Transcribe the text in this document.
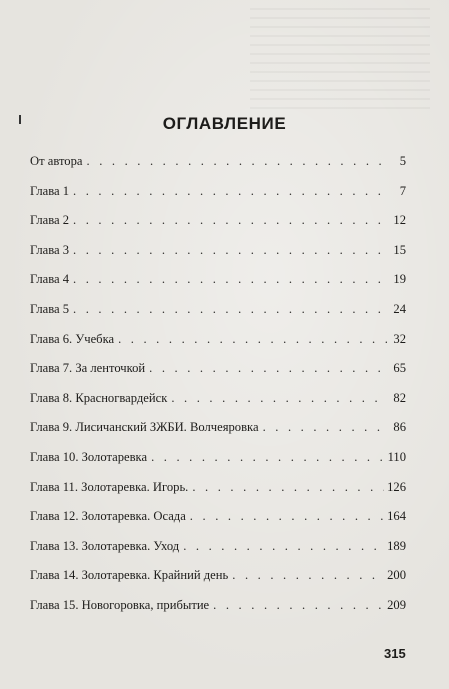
ОГЛАВЛЕНИЕ
От автора . . .	5
Глава 1 . . .	7
Глава 2 . . .	12
Глава 3 . . .	15
Глава 4 . . .	19
Глава 5 . . .	24
Глава 6. Учебка . . .	32
Глава 7. За ленточкой . . .	65
Глава 8. Красногвардейск . . .	82
Глава 9. Лисичанский ЗЖБИ. Волчеяровка . . .	86
Глава 10. Золотаревка . . .	110
Глава 11. Золотаревка. Игорь. . . .	126
Глава 12. Золотаревка. Осада . . .	164
Глава 13. Золотаревка. Уход . . .	189
Глава 14. Золотаревка. Крайний день . . .	200
Глава 15. Новогоровка, прибытие . . .	209

315
